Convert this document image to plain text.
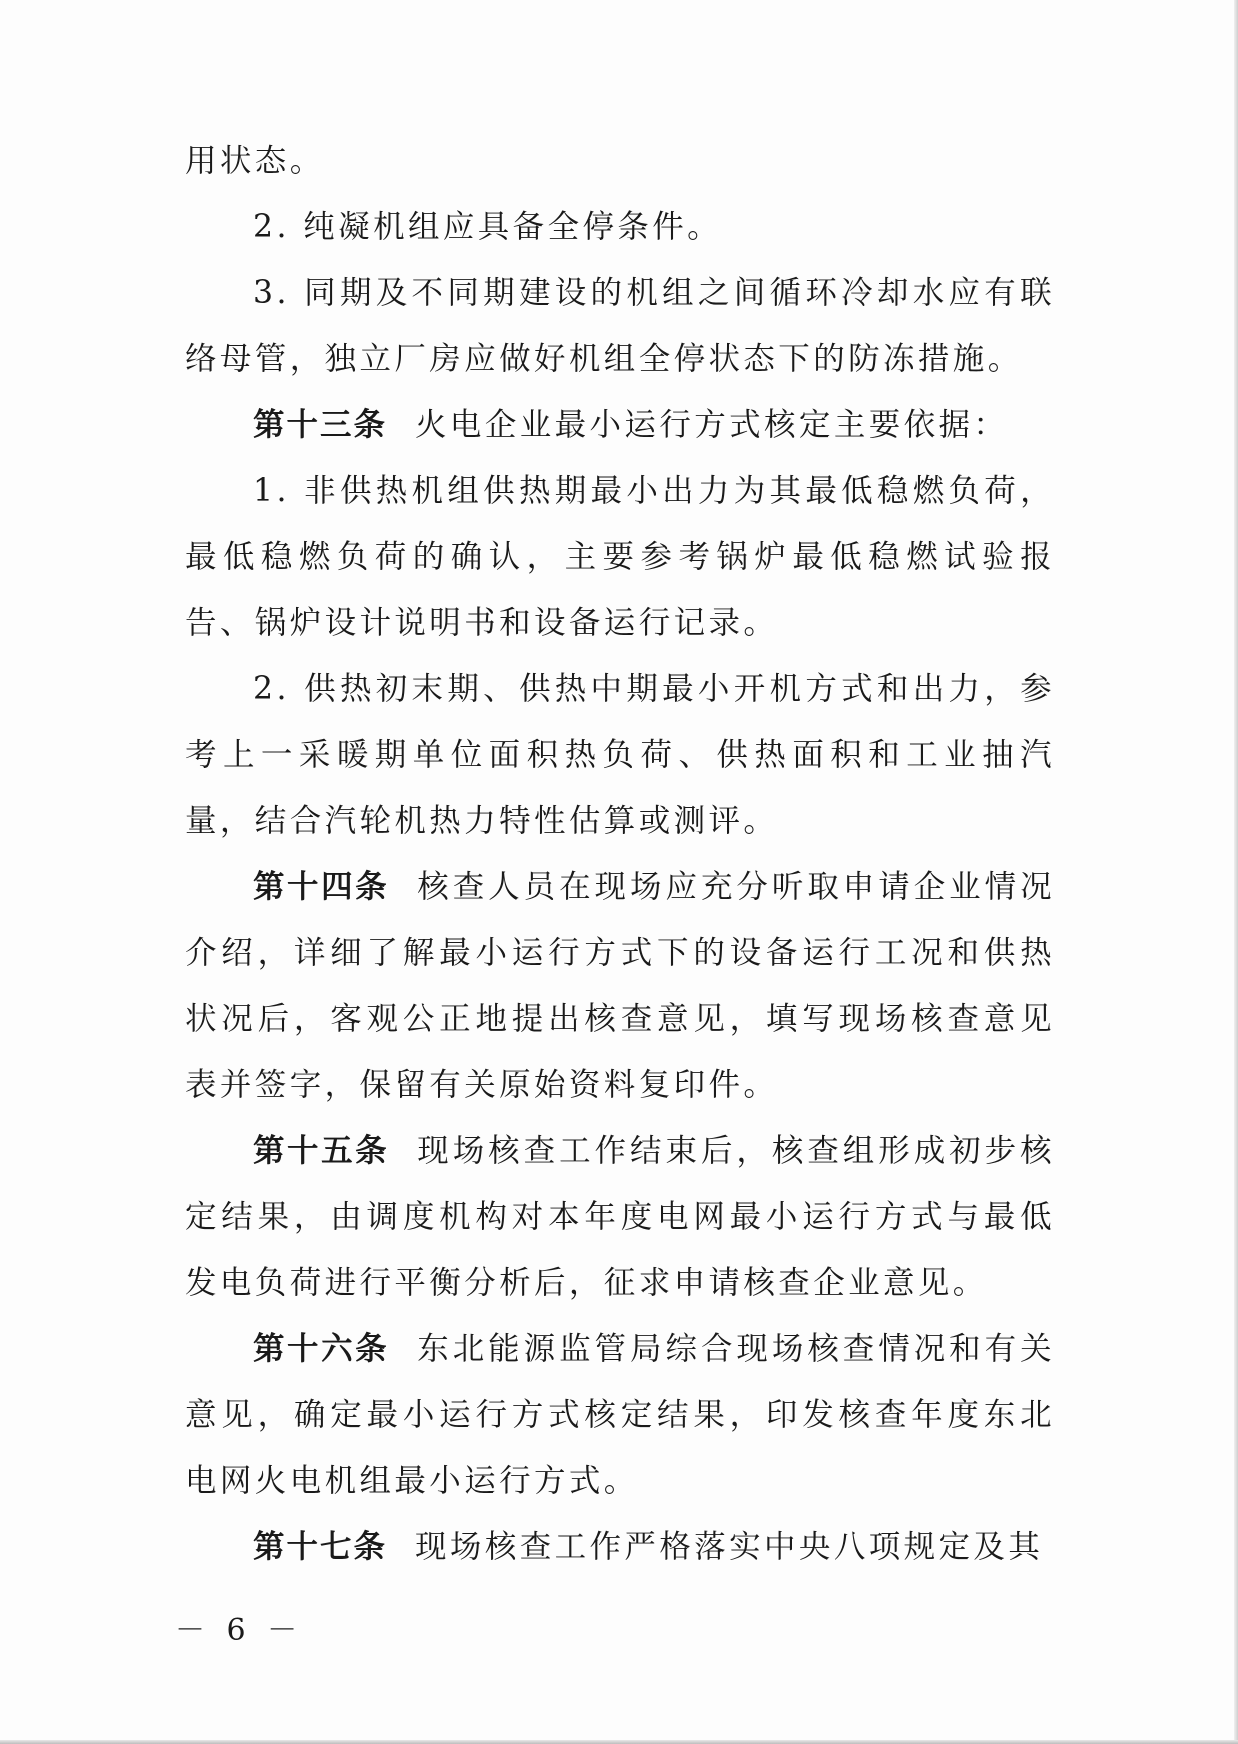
用状态。

2. 纯凝机组应具备全停条件。

3. 同期及不同期建设的机组之间循环冷却水应有联络母管，独立厂房应做好机组全停状态下的防冻措施。

第十三条 火电企业最小运行方式核定主要依据：

1. 非供热机组供热期最小出力为其最低稳燃负荷，最低稳燃负荷的确认，主要参考锅炉最低稳燃试验报告、锅炉设计说明书和设备运行记录。

2. 供热初末期、供热中期最小开机方式和出力，参考上一采暖期单位面积热负荷、供热面积和工业抽汽量，结合汽轮机热力特性估算或测评。

第十四条 核查人员在现场应充分听取申请企业情况介绍，详细了解最小运行方式下的设备运行工况和供热状况后，客观公正地提出核查意见，填写现场核查意见表并签字，保留有关原始资料复印件。

第十五条 现场核查工作结束后，核查组形成初步核定结果，由调度机构对本年度电网最小运行方式与最低发电负荷进行平衡分析后，征求申请核查企业意见。

第十六条 东北能源监管局综合现场核查情况和有关意见，确定最小运行方式核定结果，印发核查年度东北电网火电机组最小运行方式。

第十七条 现场核查工作严格落实中央八项规定及其

－ 6 －
